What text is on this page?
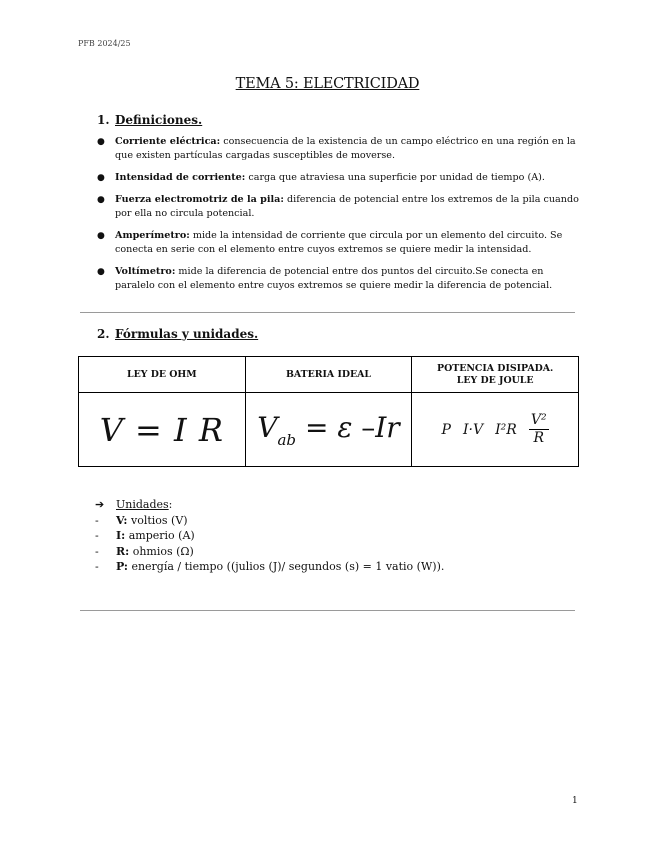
PFB 2024/25
TEMA 5: ELECTRICIDAD
1. Definiciones.
● Corriente eléctrica: consecuencia de la existencia de un campo eléctrico en una región en la que existen partículas cargadas susceptibles de moverse.
● Intensidad de corriente: carga que atraviesa una superficie por unidad de tiempo (A).
● Fuerza electromotriz de la pila: diferencia de potencial entre los extremos de la pila cuando por ella no circula potencial.
● Amperímetro: mide la intensidad de corriente que circula por un elemento del circuito. Se conecta en serie con el elemento entre cuyos extremos se quiere medir la intensidad.
● Voltímetro: mide la diferencia de potencial entre dos puntos del circuito.Se conecta en paralelo con el elemento entre cuyos extremos se quiere medir la diferencia de potencial.
2. Fórmulas y unidades.
LEY DE OHM	BATERIA IDEAL	POTENCIA DISIPADA.
LEY DE JOULE
V = I R	$V_{ab} = \varepsilon$ –Ir	P I·V $I^2R \frac{\text{V²}}{R}$
➔ Unidades:
- V: voltios (V)
- I: amperio (A)
- R: ohmios (Ω)
- P: energía / tiempo ((julios (J)/ segundos (s) = 1 vatio (W)).
1
